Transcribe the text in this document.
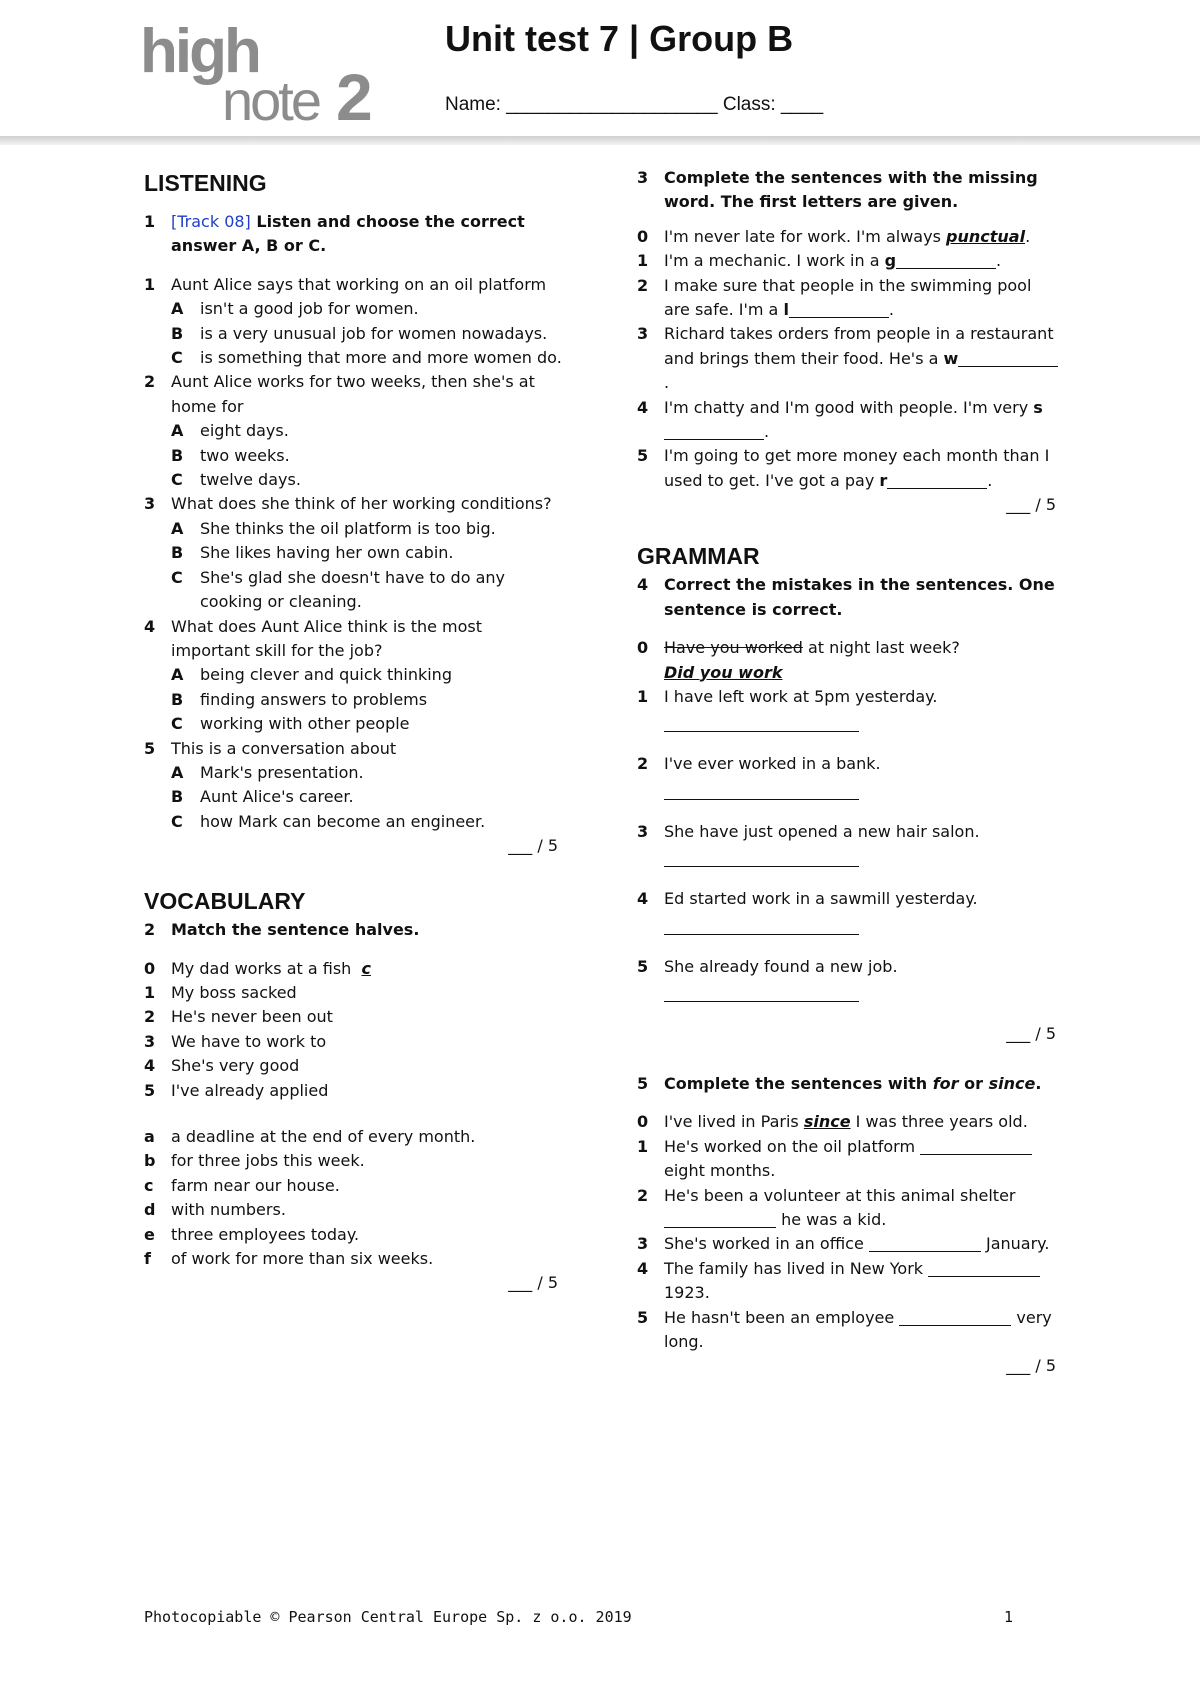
high
note 2
Unit test 7 | Group B
Name: ____________________ Class: ____
LISTENING
1 [Track 08] Listen and choose the correct answer A, B or C.
1 Aunt Alice says that working on an oil platform
A isn't a good job for women.
B is a very unusual job for women nowadays.
C is something that more and more women do.
2 Aunt Alice works for two weeks, then she's at home for
A eight days.
B two weeks.
C twelve days.
3 What does she think of her working conditions?
A She thinks the oil platform is too big.
B She likes having her own cabin.
C She's glad she doesn't have to do any cooking or cleaning.
4 What does Aunt Alice think is the most important skill for the job?
A being clever and quick thinking
B finding answers to problems
C working with other people
5 This is a conversation about
A Mark's presentation.
B Aunt Alice's career.
C how Mark can become an engineer.
___ / 5
VOCABULARY
2 Match the sentence halves.
0 My dad works at a fish c
1 My boss sacked
2 He's never been out
3 We have to work to
4 She's very good
5 I've already applied
a a deadline at the end of every month.
b for three jobs this week.
c farm near our house.
d with numbers.
e three employees today.
f of work for more than six weeks.
___ / 5
3 Complete the sentences with the missing word. The first letters are given.
0 I'm never late for work. I'm always punctual.
1 I'm a mechanic. I work in a g	.
2 I make sure that people in the swimming pool are safe. I'm a l	.
3 Richard takes orders from people in a restaurant and brings them their food. He's a w.
4 I'm chatty and I'm good with people. I'm very s.
5 I'm going to get more money each month than I used to get. I've got a pay r	.
___ / 5
GRAMMAR
4 Correct the mistakes in the sentences. One sentence is correct.
0 Have you worked at night last week?
Did you work
1 I have left work at 5pm yesterday.
2 I've ever worked in a bank.
3 She have just opened a new hair salon.
4 Ed started work in a sawmill yesterday.
5 She already found a new job.
___ / 5
5 Complete the sentences with for or since.
0 I've lived in Paris since I was three years old.
1 He's worked on the oil platform  eight months.
2 He's been a volunteer at this animal shelter  he was a kid.
3 She's worked in an office	January.
4 The family has lived in New York  1923.
5 He hasn't been an employee	very long.
___ / 5
Photocopiable © Pearson Central Europe Sp. z o.o. 2019	1
